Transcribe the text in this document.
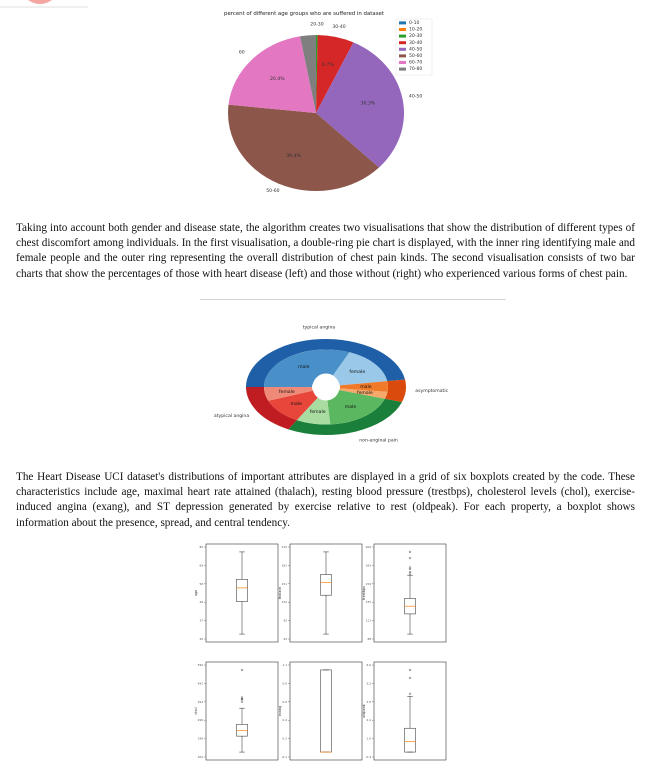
percent of different age groups who are suffered in dataset
20-30
6.7%
30-40
30.3%
40-50
39.4%
50-60
20.4%
60
0-10
10-20
20-30
30-40
40-50
50-60
60-70
70-80
Taking into account both gender and disease state, the algorithm creates two visualisations that show the distribution of different types of chest discomfort among individuals. In the first visualisation, a double-ring pie chart is displayed, with the inner ring identifying male and female people and the outer ring representing the overall distribution of chest pain kinds. The second visualisation consists of two bar charts that show the percentages of those with heart disease (left) and those without (right) who experienced various forms of chest pain.
typical angina
asymptomatic
non-anginal pain
atypical angina
male
female
male
female
male
female
male
female
The Heart Disease UCI dataset's distributions of important attributes are displayed in a grid of six boxplots created by the code. These characteristics include age, maximal heart rate attained (thalach), resting blood pressure (trestbps), cholesterol levels (chol), exercise-induced angina (exang), and ST depression generated by exercise relative to rest (oldpeak). For each property, a boxplot shows information about the presence, spread, and central tendency.
26
37
48
58
69
80
age
63
92
122
151
181
210
thalach
88
111
135
159
183
206
trestbps
100
198
296
394
492
590
chol
-0.1
0.2
0.4
0.6
0.8
1.1
exang
-0.4
1.0
2.4
3.8
5.2
6.6
oldpeak
